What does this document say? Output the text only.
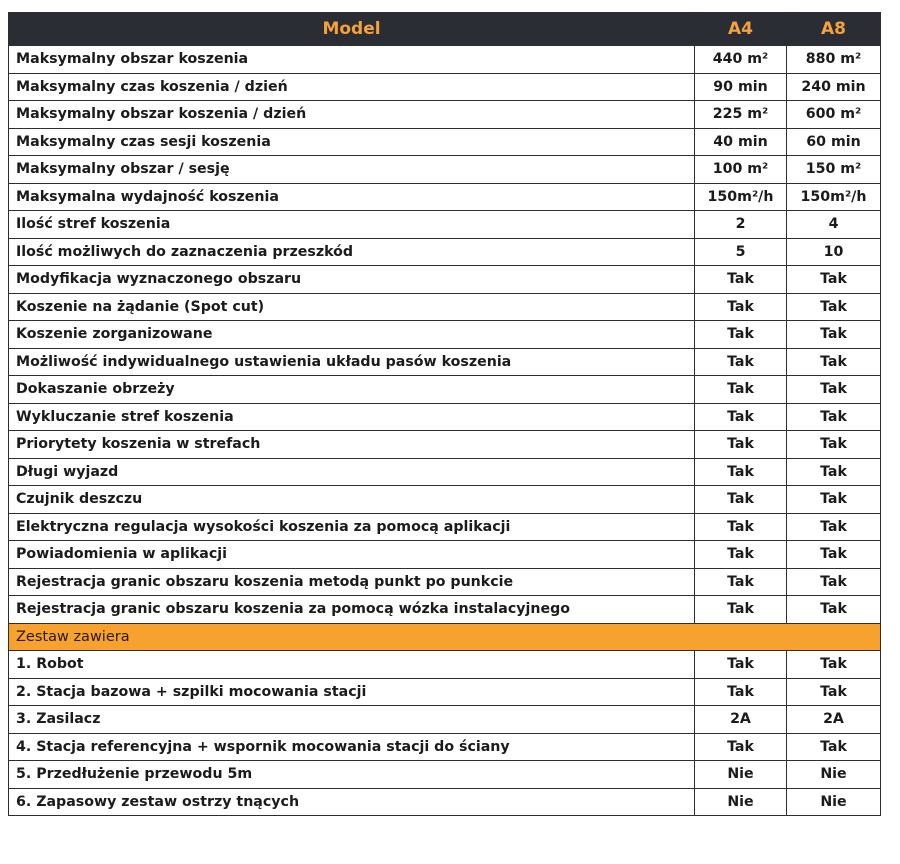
Model	A4	A8
Maksymalny obszar koszenia	440 m²	880 m²
Maksymalny czas koszenia / dzień	90 min	240 min
Maksymalny obszar koszenia / dzień	225 m²	600 m²
Maksymalny czas sesji koszenia	40 min	60 min
Maksymalny obszar / sesję	100 m²	150 m²
Maksymalna wydajność koszenia	150m²/h	150m²/h
Ilość stref koszenia	2	4
Ilość możliwych do zaznaczenia przeszkód	5	10
Modyfikacja wyznaczonego obszaru	Tak	Tak
Koszenie na żądanie (Spot cut)	Tak	Tak
Koszenie zorganizowane	Tak	Tak
Możliwość indywidualnego ustawienia układu pasów koszenia	Tak	Tak
Dokaszanie obrzeży	Tak	Tak
Wykluczanie stref koszenia	Tak	Tak
Priorytety koszenia w strefach	Tak	Tak
Długi wyjazd	Tak	Tak
Czujnik deszczu	Tak	Tak
Elektryczna regulacja wysokości koszenia za pomocą aplikacji	Tak	Tak
Powiadomienia w aplikacji	Tak	Tak
Rejestracja granic obszaru koszenia metodą punkt po punkcie	Tak	Tak
Rejestracja granic obszaru koszenia za pomocą wózka instalacyjnego	Tak	Tak
Zestaw zawiera		
1. Robot	Tak	Tak
2. Stacja bazowa + szpilki mocowania stacji	Tak	Tak
3. Zasilacz	2A	2A
4. Stacja referencyjna + wspornik mocowania stacji do ściany	Tak	Tak
5. Przedłużenie przewodu 5m	Nie	Nie
6. Zapasowy zestaw ostrzy tnących	Nie	Nie
